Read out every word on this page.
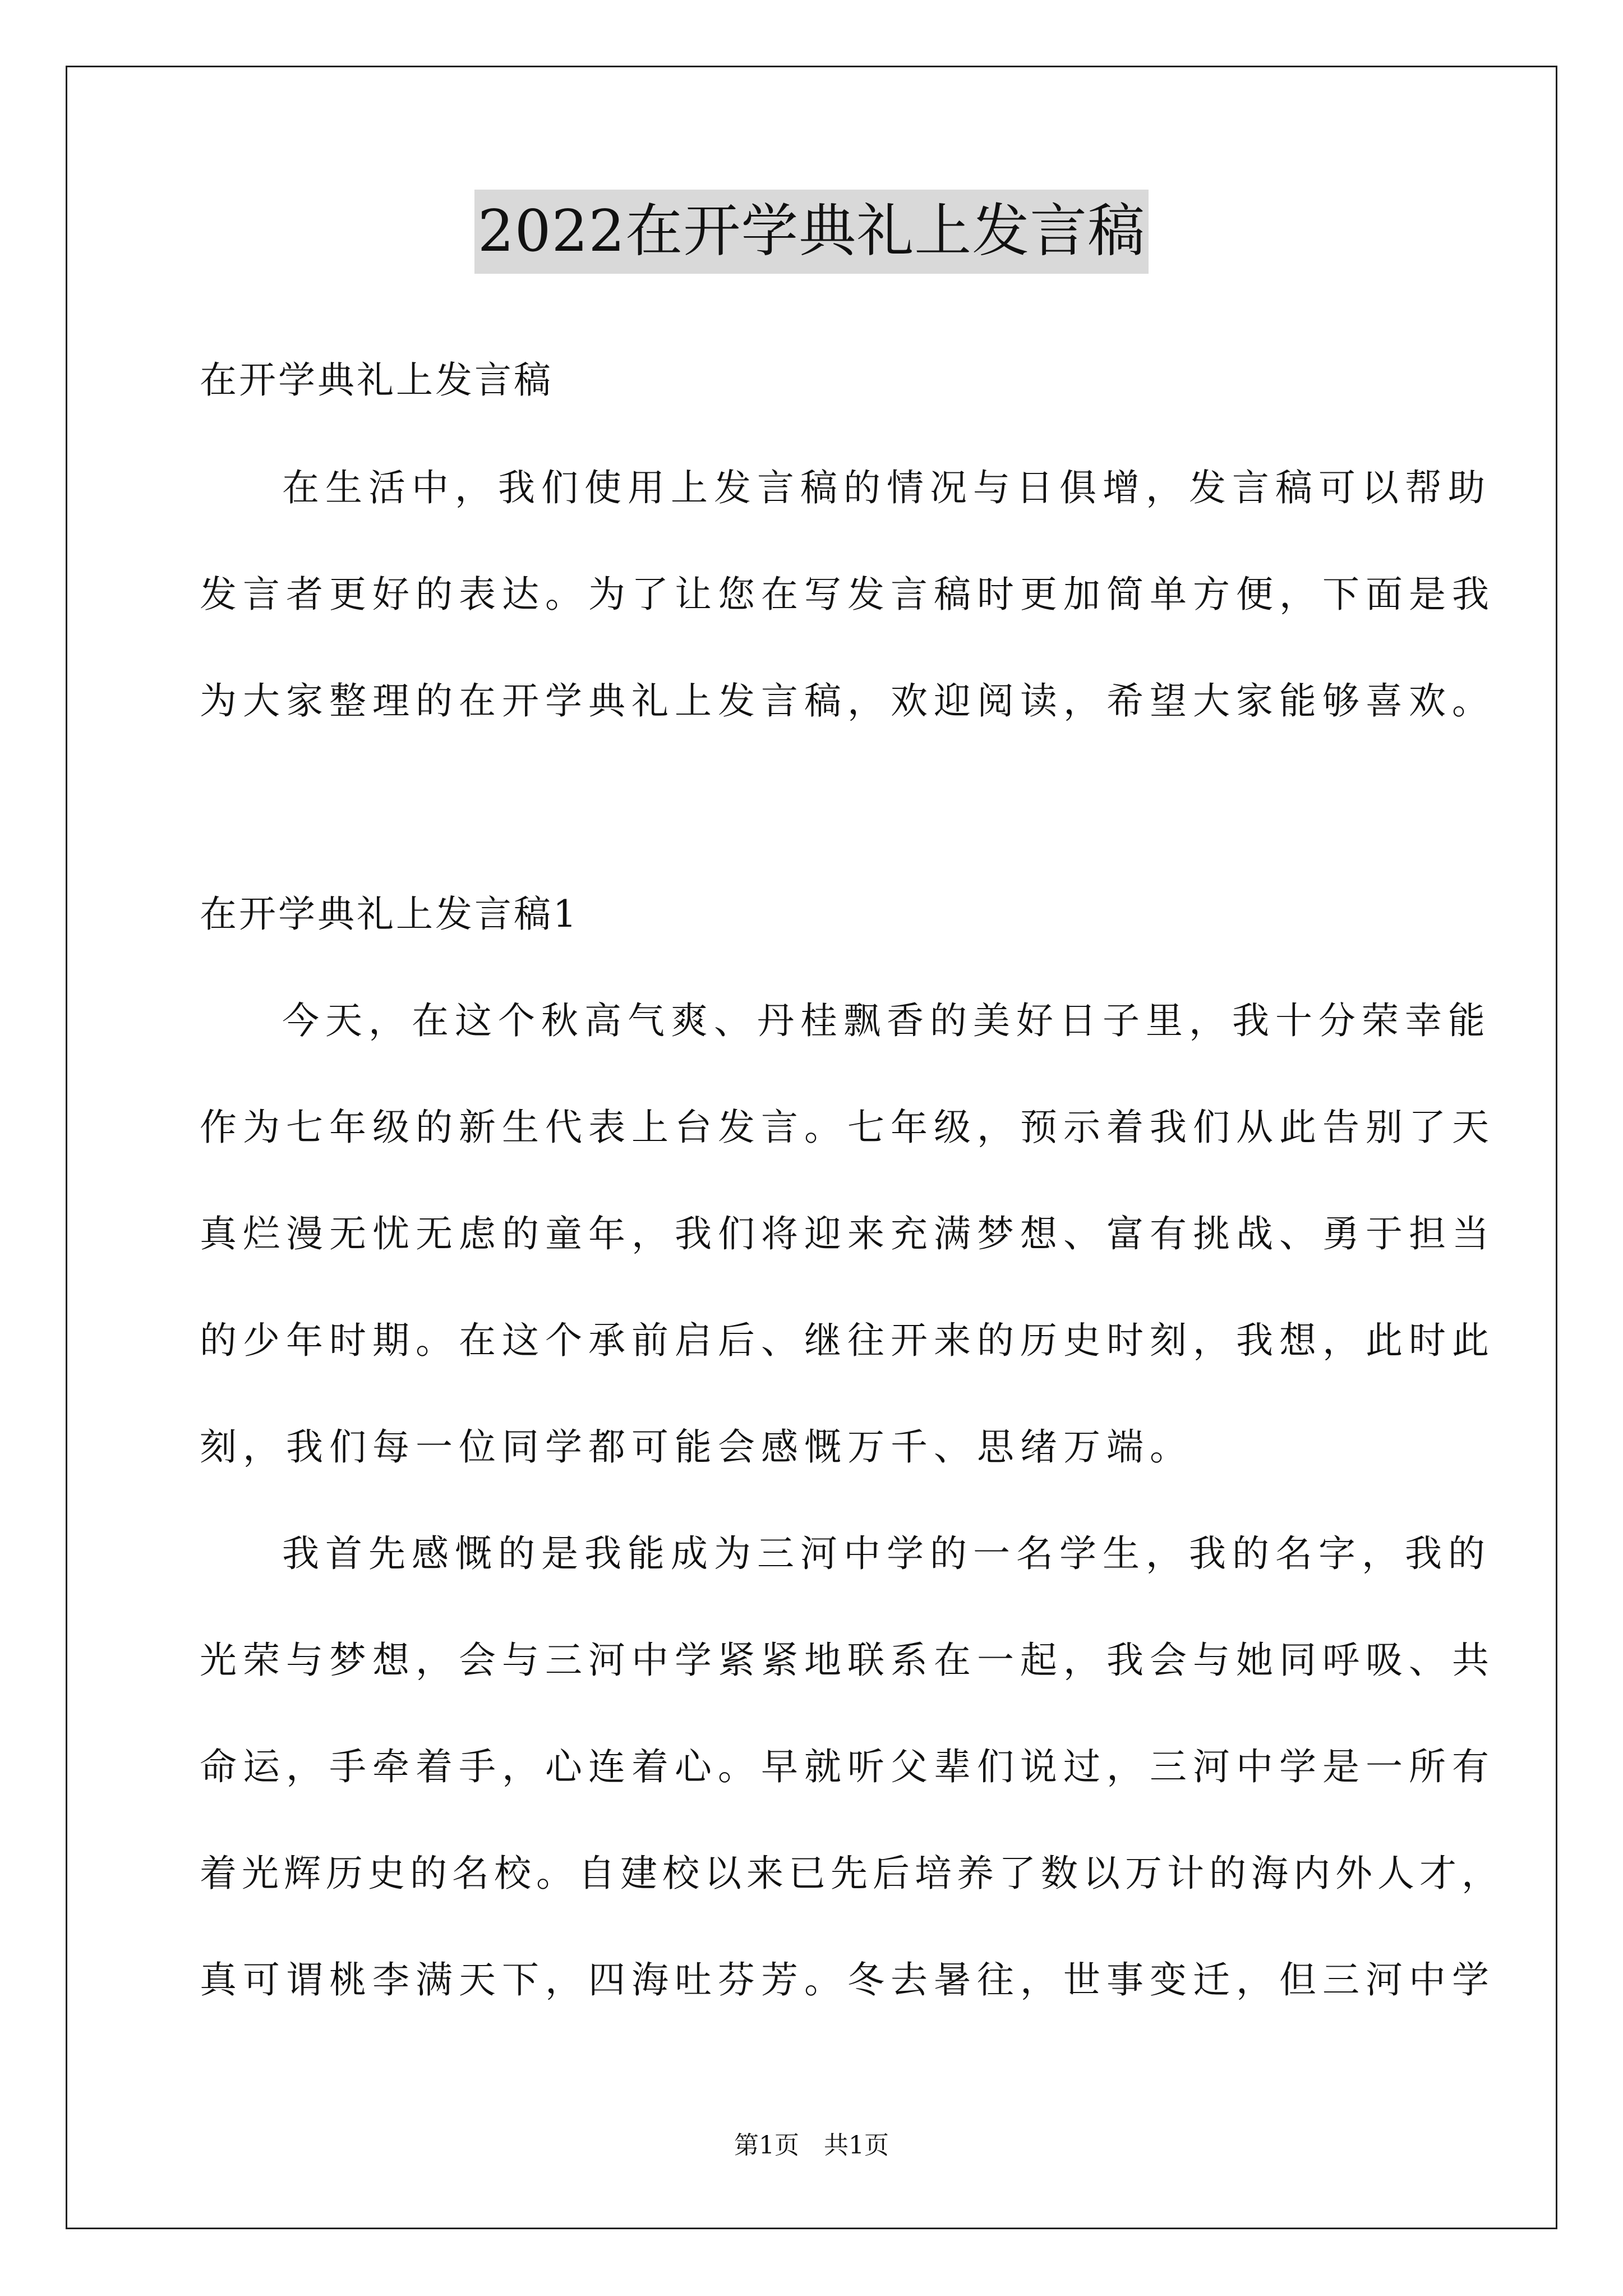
2022在开学典礼上发言稿
在开学典礼上发言稿
在生活中，我们使用上发言稿的情况与日俱增，发言稿可以帮助
发言者更好的表达。为了让您在写发言稿时更加简单方便，下面是我
为大家整理的在开学典礼上发言稿，欢迎阅读，希望大家能够喜欢。
在开学典礼上发言稿1
今天，在这个秋高气爽、丹桂飘香的美好日子里，我十分荣幸能
作为七年级的新生代表上台发言。七年级，预示着我们从此告别了天
真烂漫无忧无虑的童年，我们将迎来充满梦想、富有挑战、勇于担当
的少年时期。在这个承前启后、继往开来的历史时刻，我想，此时此
刻，我们每一位同学都可能会感慨万千、思绪万端。
我首先感慨的是我能成为三河中学的一名学生，我的名字，我的
光荣与梦想，会与三河中学紧紧地联系在一起，我会与她同呼吸、共
命运，手牵着手，心连着心。早就听父辈们说过，三河中学是一所有
着光辉历史的名校。自建校以来已先后培养了数以万计的海内外人才，
真可谓桃李满天下，四海吐芬芳。冬去暑往，世事变迁，但三河中学
第1页 共1页
